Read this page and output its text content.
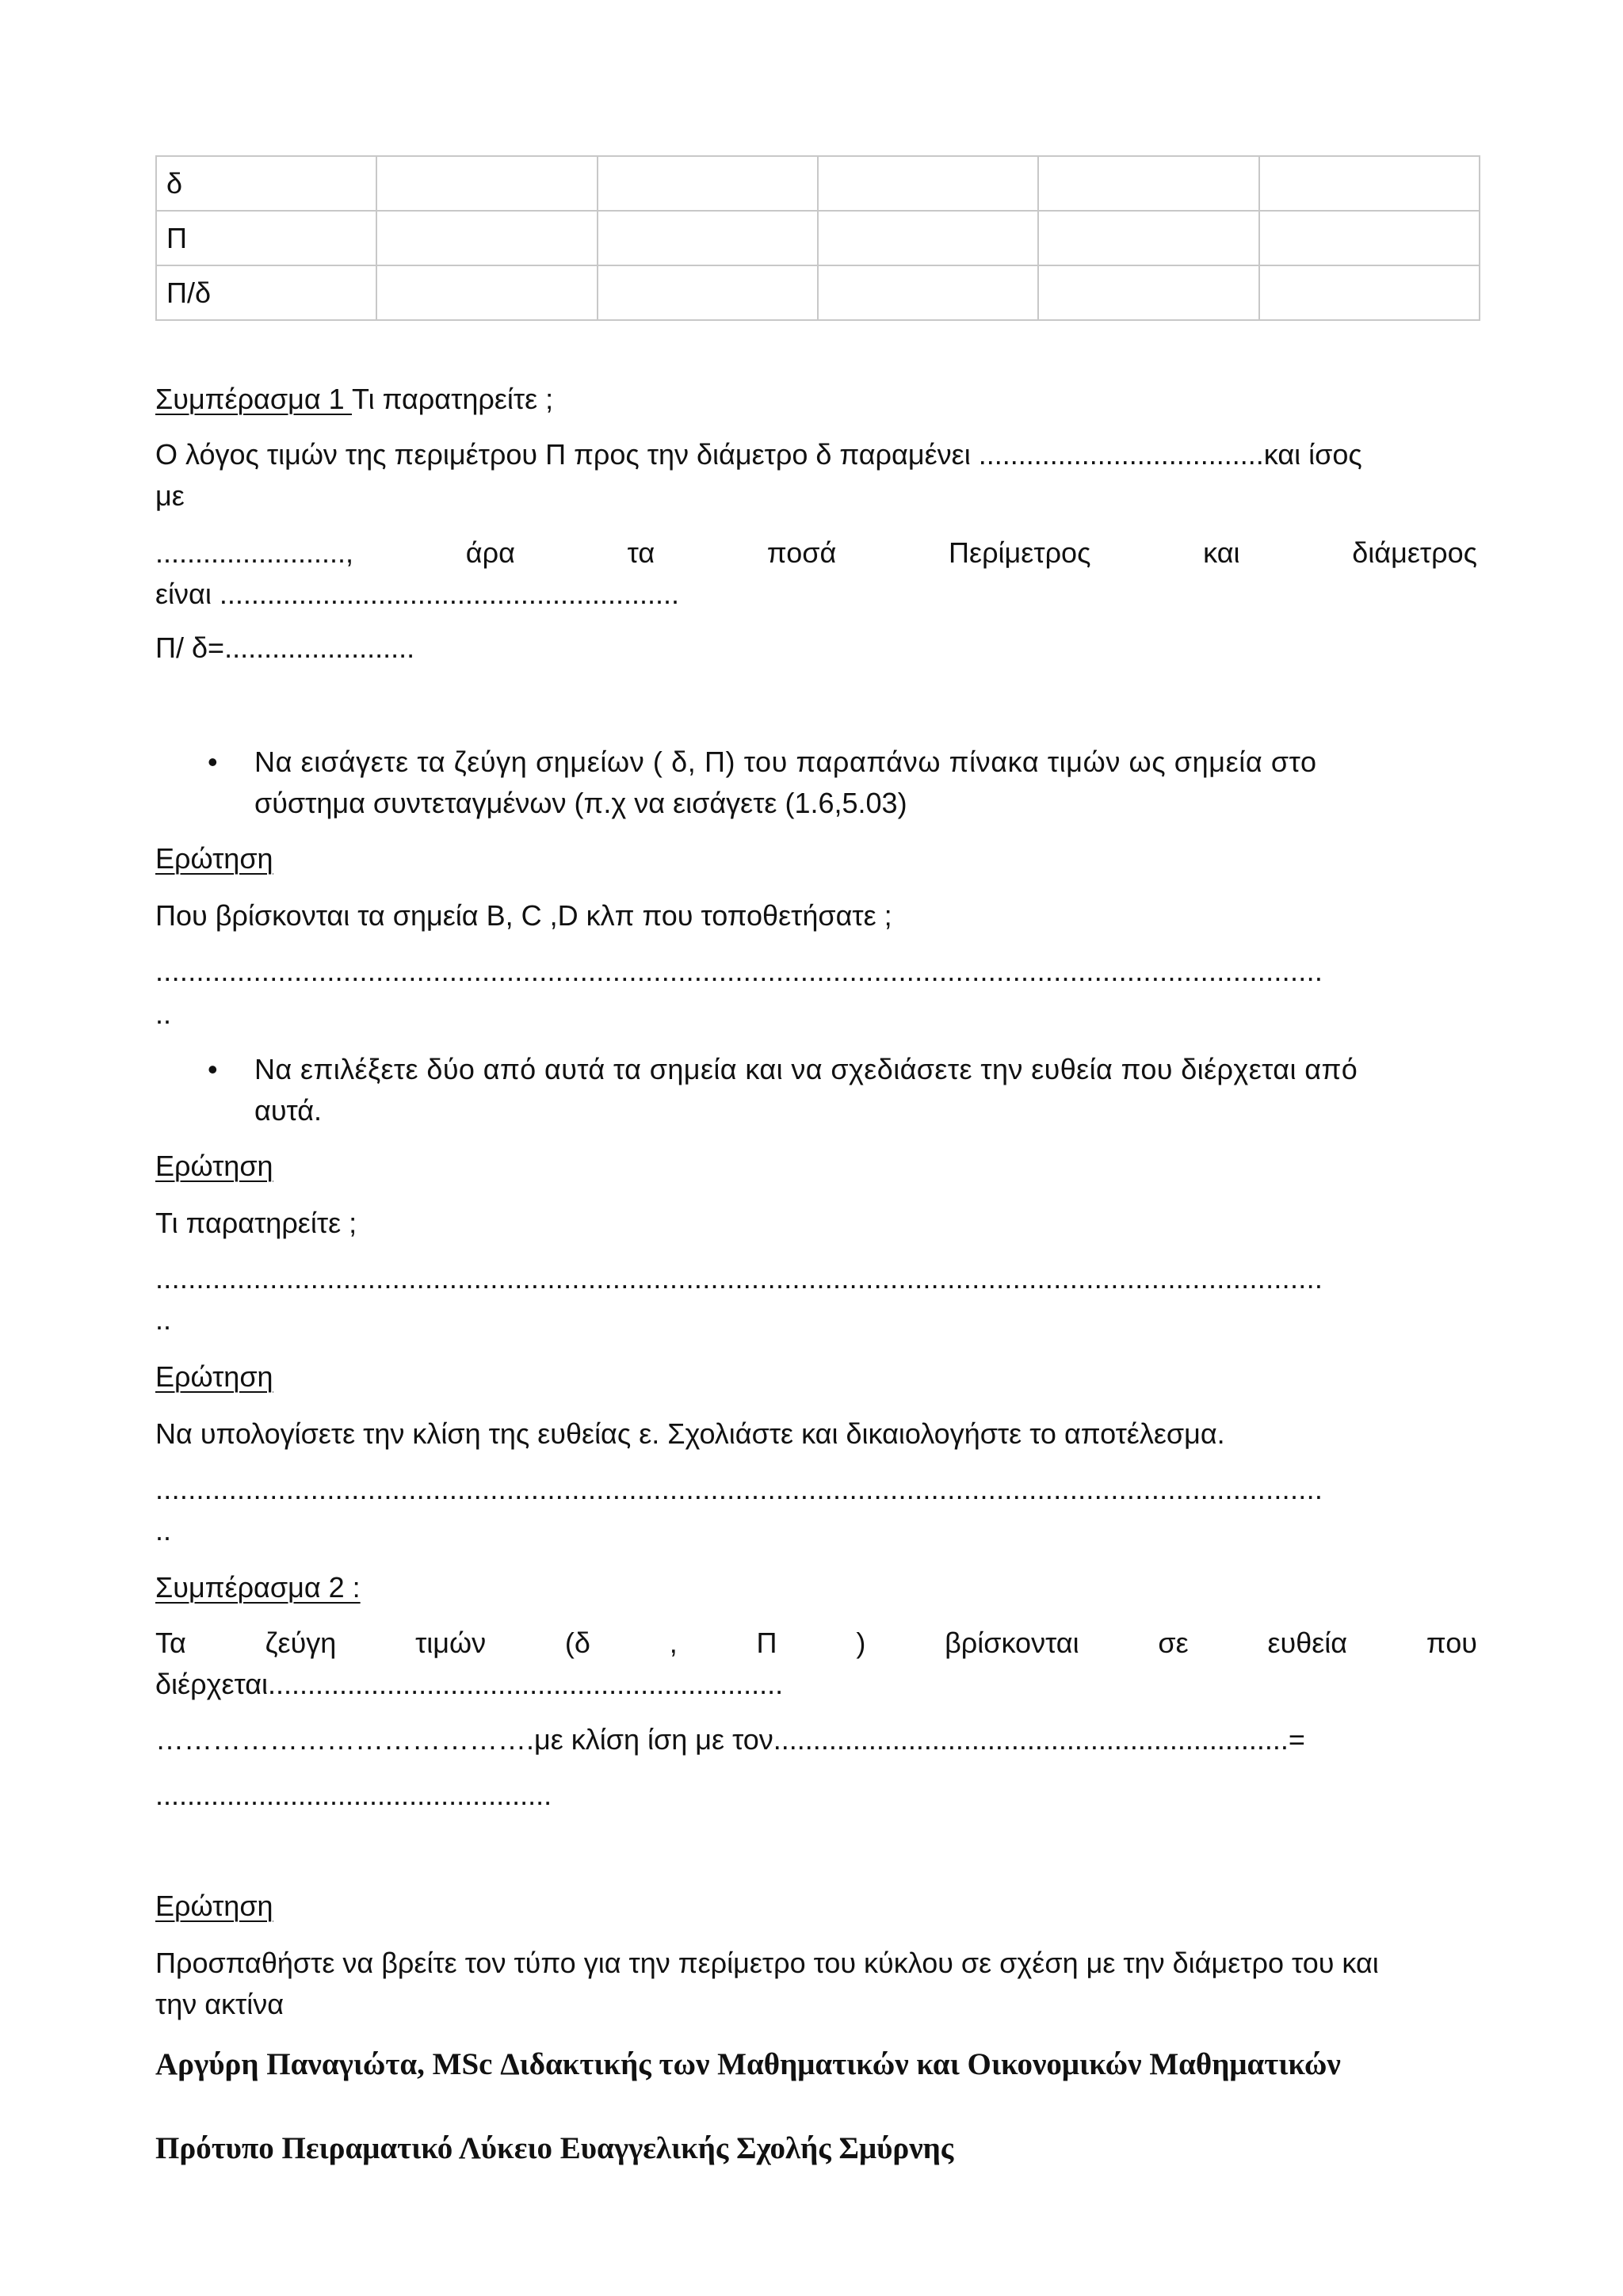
δ					
Π					
Π/δ					
Συμπέρασμα 1 Τι παρατηρείτε ;
Ο λόγος τιμών της περιμέτρου Π προς την διάμετρο δ παραμένει ....................................και ίσος
με
........................,	άρα	τα	ποσά	Περίμετρος	και	διάμετρος
είναι ..........................................................
Π/ δ=........................
• Να εισάγετε τα ζεύγη σημείων ( δ, Π) του παραπάνω πίνακα τιμών ως σημεία στο
σύστημα συντεταγμένων (π.χ να εισάγετε (1.6,5.03)
Ερώτηση
Που βρίσκονται τα σημεία B, C ,D κλπ που τοποθετήσατε ;
...............................................................................................................................................
..
• Να επιλέξετε δύο από αυτά τα σημεία και να σχεδιάσετε την ευθεία που διέρχεται από
αυτά.
Ερώτηση
Τι παρατηρείτε ;
...............................................................................................................................................
..
Ερώτηση
Να υπολογίσετε την κλίση της ευθείας ε. Σχολιάστε και δικαιολογήστε το αποτέλεσμα.
...............................................................................................................................................
..
Συμπέρασμα 2 :
Τα	ζεύγη	τιμών	(δ	,	Π	)	βρίσκονται	σε	ευθεία	που
διέρχεται.................................................................
………………………………….με κλίση ίση με τον.................................................................=
..................................................
Ερώτηση
Προσπαθήστε να βρείτε τον τύπο για την περίμετρο του κύκλου σε σχέση με την διάμετρο του και
την ακτίνα
Αργύρη Παναγιώτα, MSc Διδακτικής των Μαθηματικών και Οικονομικών Μαθηματικών
Πρότυπο Πειραματικό Λύκειο Ευαγγελικής Σχολής Σμύρνης
